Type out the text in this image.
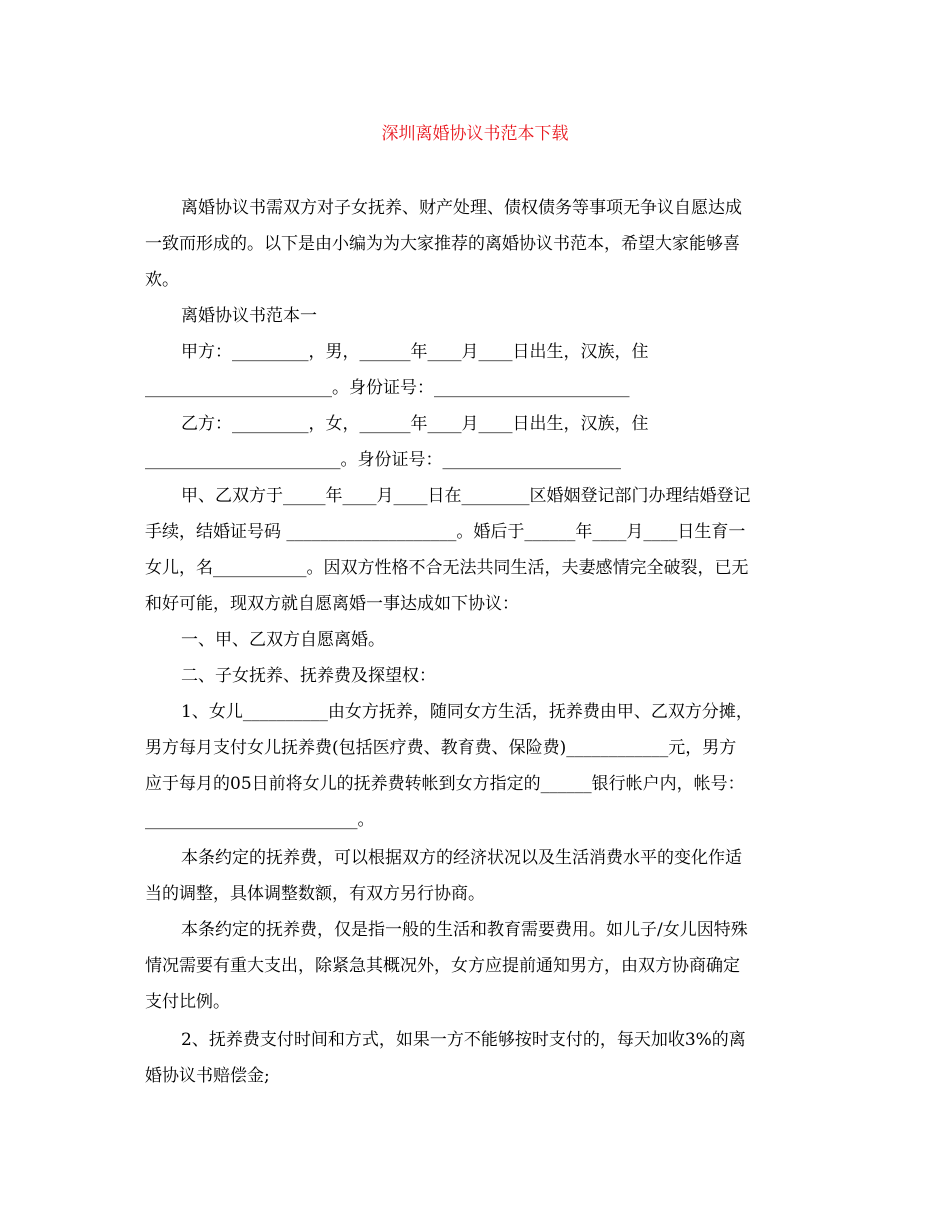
深圳离婚协议书范本下载
离婚协议书需双方对子女抚养、财产处理、债权债务等事项无争议自愿达成
一致而形成的。以下是由小编为为大家推荐的离婚协议书范本，希望大家能够喜
欢。
离婚协议书范本一
甲方：_________，男，______年____月____日出生，汉族，住
______________________。身份证号：_______________________
乙方：_________，女，______年____月____日出生，汉族，住
_______________________。身份证号：_____________________
甲、乙双方于_____年____月____日在________区婚姻登记部门办理结婚登记
手续，结婚证号码 ____________________。婚后于______年____月____日生育一
女儿，名___________。因双方性格不合无法共同生活，夫妻感情完全破裂，已无
和好可能，现双方就自愿离婚一事达成如下协议：
一、甲、乙双方自愿离婚。
二、子女抚养、抚养费及探望权：
1、女儿__________由女方抚养，随同女方生活，抚养费由甲、乙双方分摊，
男方每月支付女儿抚养费(包括医疗费、教育费、保险费)____________元，男方
应于每月的05日前将女儿的抚养费转帐到女方指定的______银行帐户内，帐号：
_________________________。
本条约定的抚养费，可以根据双方的经济状况以及生活消费水平的变化作适
当的调整，具体调整数额，有双方另行协商。
本条约定的抚养费，仅是指一般的生活和教育需要费用。如儿子/女儿因特殊
情况需要有重大支出，除紧急其概况外，女方应提前通知男方，由双方协商确定
支付比例。
2、抚养费支付时间和方式，如果一方不能够按时支付的，每天加收3%的离
婚协议书赔偿金;
